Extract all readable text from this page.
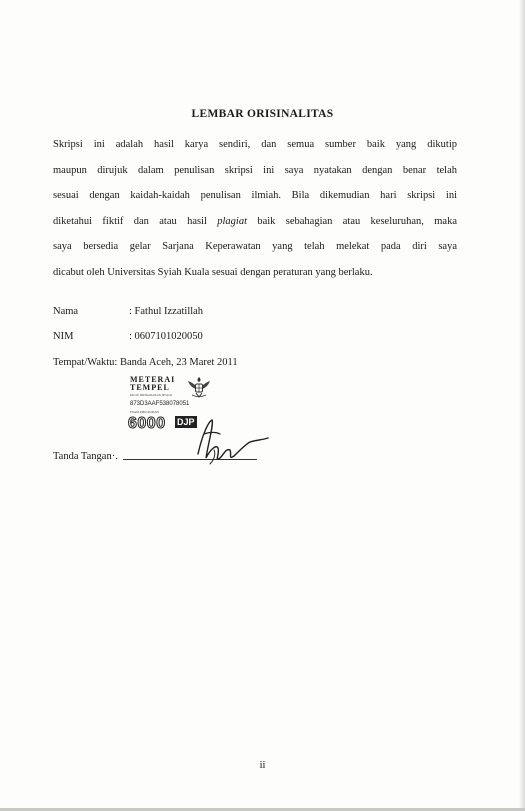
LEMBAR ORISINALITAS

Skripsi ini adalah hasil karya sendiri, dan semua sumber baik yang dikutip
maupun dirujuk dalam penulisan skripsi ini saya nyatakan dengan benar telah
sesuai dengan kaidah-kaidah penulisan ilmiah. Bila dikemudian hari skripsi ini
diketahui fiktif dan atau hasil plagiat baik sebahagian atau keseluruhan, maka
saya bersedia gelar Sarjana Keperawatan yang telah melekat pada diri saya
dicabut oleh Universitas Syiah Kuala sesuai dengan peraturan yang berlaku.

Nama	: Fathul Izzatillah
NIM	: 0607101020050
Tempat/Waktu: Banda Aceh, 23 Maret 2011
Tanda Tangan·.
METERAI
TEMPEL
PALSU DIPIDANAKAN SESUAI
873D3AAF538078051
ENAM RIBU RUPIAH
6000 DJP
ii
